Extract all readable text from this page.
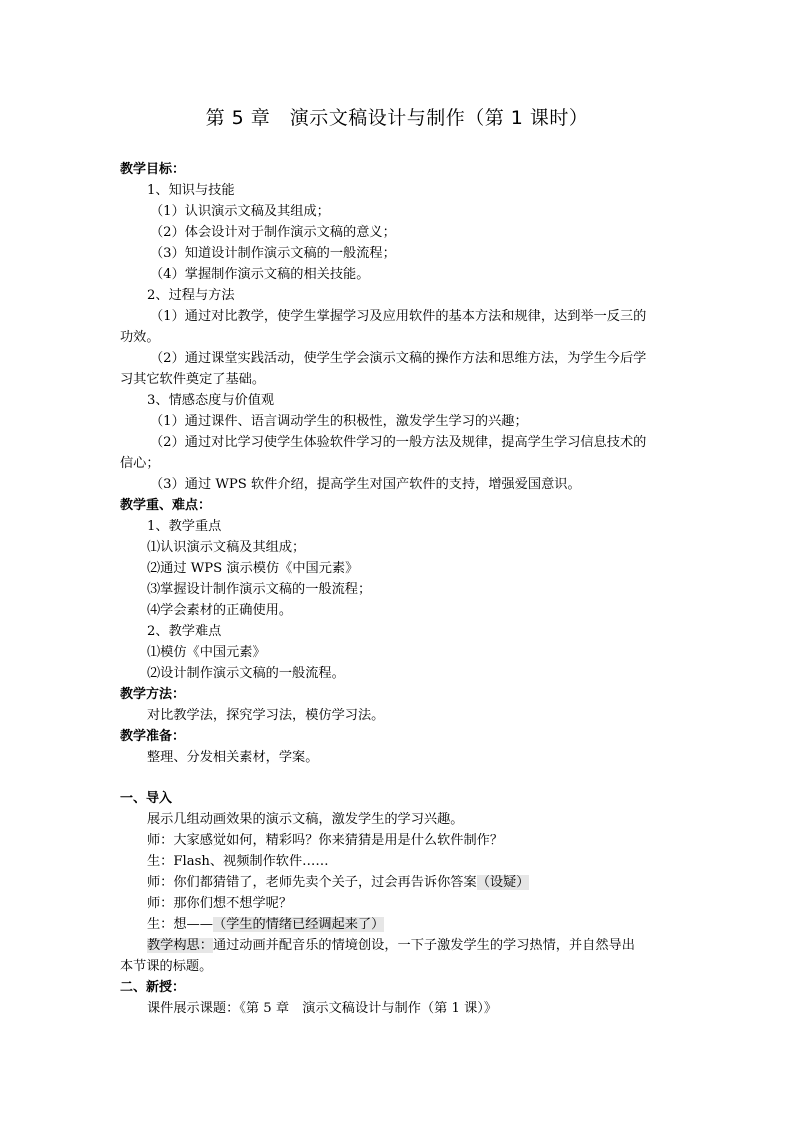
第 5 章　演示文稿设计与制作（第 1 课时）
教学目标：
1、知识与技能
（1）认识演示文稿及其组成；
（2）体会设计对于制作演示文稿的意义；
（3）知道设计制作演示文稿的一般流程；
（4）掌握制作演示文稿的相关技能。
2、过程与方法
（1）通过对比教学，使学生掌握学习及应用软件的基本方法和规律，达到举一反三的
功效。
（2）通过课堂实践活动，使学生学会演示文稿的操作方法和思维方法，为学生今后学
习其它软件奠定了基础。
3、情感态度与价值观
（1）通过课件、语言调动学生的积极性，激发学生学习的兴趣；
（2）通过对比学习使学生体验软件学习的一般方法及规律，提高学生学习信息技术的
信心；
（3）通过 WPS 软件介绍，提高学生对国产软件的支持，增强爱国意识。
教学重、难点：
1、教学重点
⑴认识演示文稿及其组成；
⑵通过 WPS 演示模仿《中国元素》
⑶掌握设计制作演示文稿的一般流程；
⑷学会素材的正确使用。
2、教学难点
⑴模仿《中国元素》
⑵设计制作演示文稿的一般流程。
教学方法：
对比教学法，探究学习法，模仿学习法。
教学准备：
整理、分发相关素材，学案。
一、导入
展示几组动画效果的演示文稿，激发学生的学习兴趣。
师：大家感觉如何，精彩吗？你来猜猜是用是什么软件制作？
生：Flash、视频制作软件……
师：你们都猜错了，老师先卖个关子，过会再告诉你答案（设疑）
师：那你们想不想学呢？
生：想——（学生的情绪已经调起来了）
教学构思：通过动画并配音乐的情境创设，一下子激发学生的学习热情，并自然导出
本节课的标题。
二、新授：
课件展示课题：《第 5 章　演示文稿设计与制作（第 1 课）》
